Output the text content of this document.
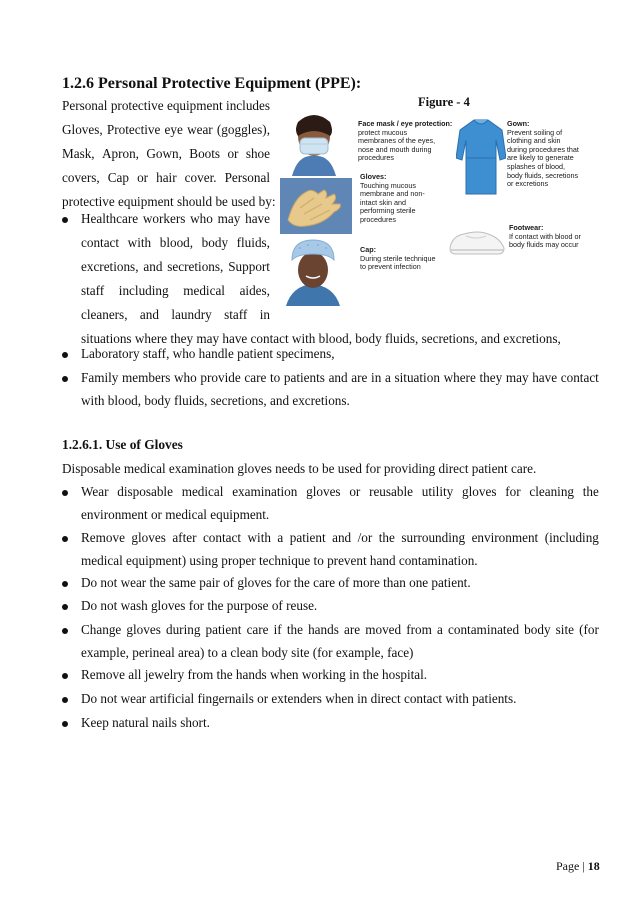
1.2.6 Personal Protective Equipment (PPE):
Personal protective equipment includes
Gloves, Protective eye wear (goggles),
Mask, Apron, Gown, Boots or shoe
covers, Cap or hair cover. Personal
protective equipment should be used by:
Healthcare workers who may have
contact with blood, body fluids,
excretions, and secretions, Support
staff including medical aides,
cleaners, and laundry staff in
situations where they may have contact with blood, body fluids, secretions, and excretions,
Laboratory staff, who handle patient specimens,
Family members who provide care to patients and are in a situation where they may have contact
with blood, body fluids, secretions, and excretions.
Figure - 4
Face mask / eye protection:
protect mucous
membranes of the eyes,
nose and mouth during
procedures
Gloves:
Touching mucous
membrane and non-
intact skin and
performing sterile
procedures
Cap:
During sterile technique
to prevent infection
Gown:
Prevent soiling of
clothing and skin
during procedures that
are likely to generate
splashes of blood,
body fluids, secretions
or excretions
Footwear:
If contact with blood or
body fluids may occur
1.2.6.1. Use of Gloves
Disposable medical examination gloves needs to be used for providing direct patient care.
Wear disposable medical examination gloves or reusable utility gloves for cleaning the
environment or medical equipment.
Remove gloves after contact with a patient and /or the surrounding environment (including
medical equipment) using proper technique to prevent hand contamination.
Do not wear the same pair of gloves for the care of more than one patient.
Do not wash gloves for the purpose of reuse.
Change gloves during patient care if the hands are moved from a contaminated body site (for
example, perineal area) to a clean body site (for example, face)
Remove all jewelry from the hands when working in the hospital.
Do not wear artificial fingernails or extenders when in direct contact with patients.
Keep natural nails short.
Page | 18
